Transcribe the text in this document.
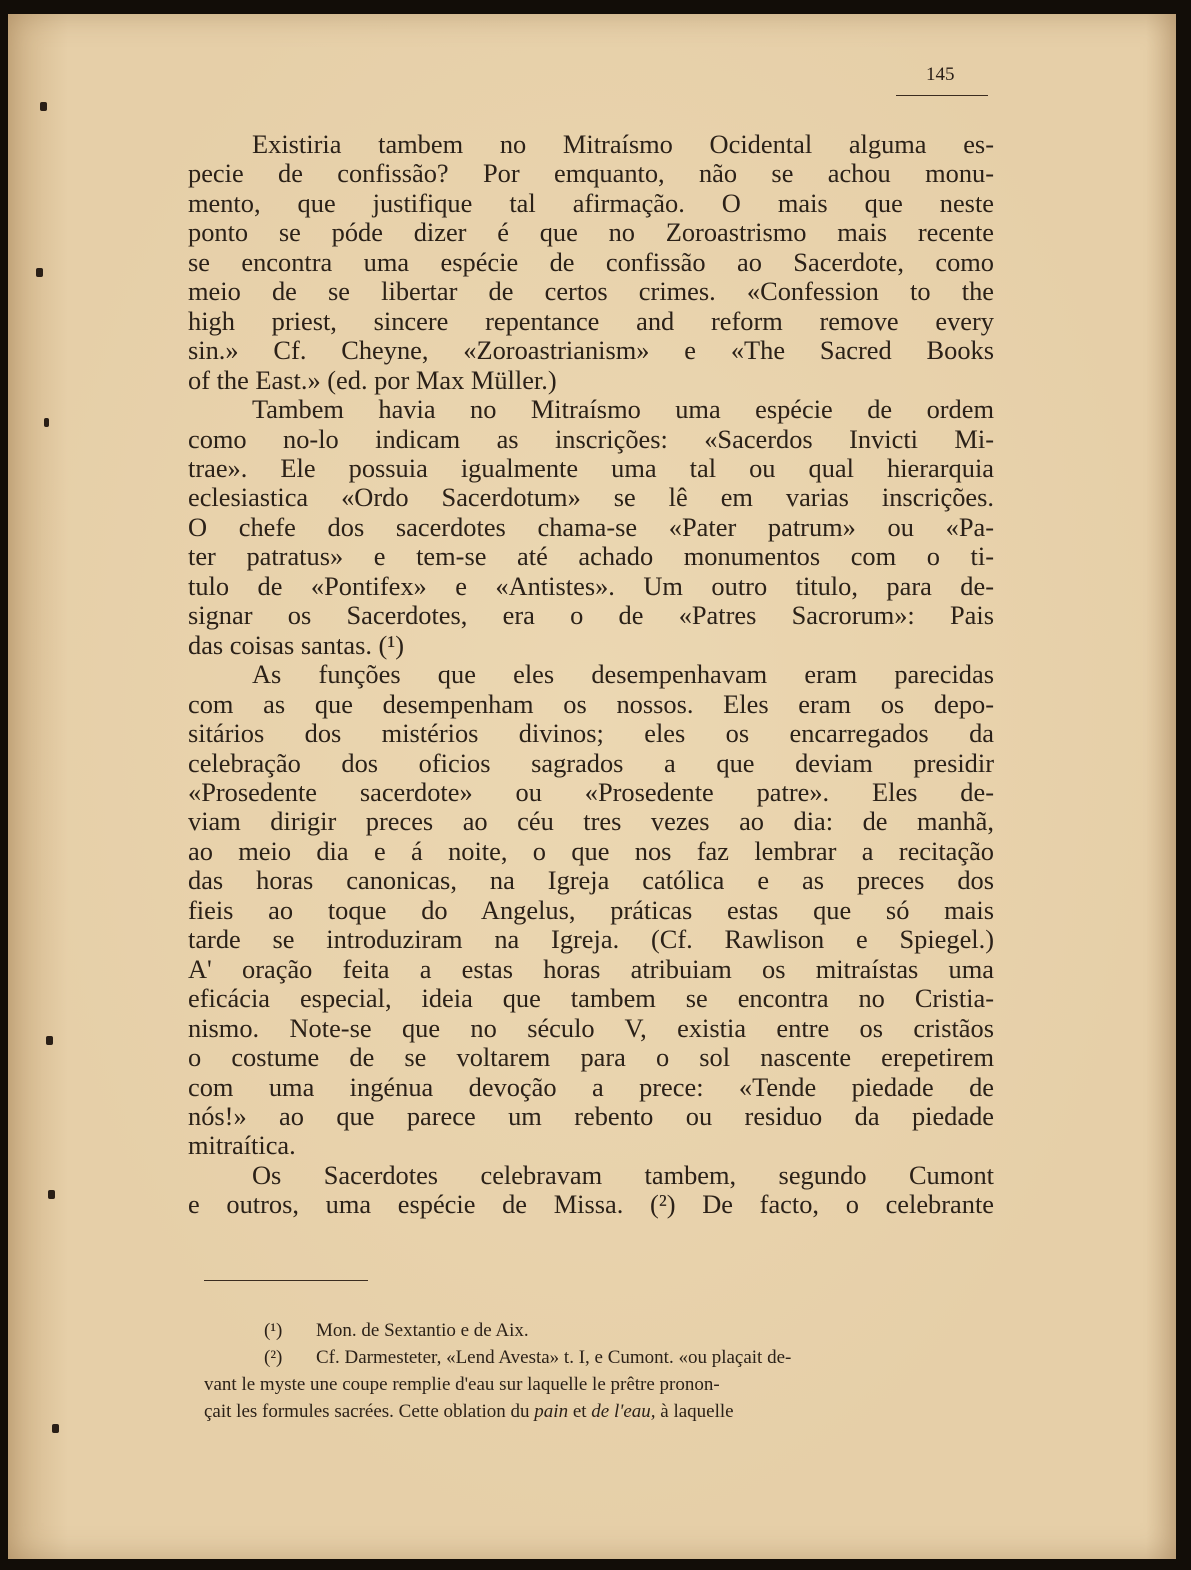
145
Existiria tambem no Mitraísmo Ocidental alguma es-
pecie de confissão? Por emquanto, não se achou monu-
mento, que justifique tal afirmação. O mais que neste
ponto se póde dizer é que no Zoroastrismo mais recente
se encontra uma espécie de confissão ao Sacerdote, como
meio de se libertar de certos crimes. «Confession to the
high priest, sincere repentance and reform remove every
sin.» Cf. Cheyne, «Zoroastrianism» e «The Sacred Books
of the East.» (ed. por Max Müller.)
Tambem havia no Mitraísmo uma espécie de ordem
como no-lo indicam as inscrições: «Sacerdos Invicti Mi-
trae». Ele possuia igualmente uma tal ou qual hierarquia
eclesiastica «Ordo Sacerdotum» se lê em varias inscrições.
O chefe dos sacerdotes chama-se «Pater patrum» ou «Pa-
ter patratus» e tem-se até achado monumentos com o ti-
tulo de «Pontifex» e «Antistes». Um outro titulo, para de-
signar os Sacerdotes, era o de «Patres Sacrorum»: Pais
das coisas santas. (¹)
As funções que eles desempenhavam eram parecidas
com as que desempenham os nossos. Eles eram os depo-
sitários dos mistérios divinos; eles os encarregados da
celebração dos oficios sagrados a que deviam presidir
«Prosedente sacerdote» ou «Prosedente patre». Eles de-
viam dirigir preces ao céu tres vezes ao dia: de manhã,
ao meio dia e á noite, o que nos faz lembrar a recitação
das horas canonicas, na Igreja católica e as preces dos
fieis ao toque do Angelus, práticas estas que só mais
tarde se introduziram na Igreja. (Cf. Rawlison e Spiegel.)
A' oração feita a estas horas atribuiam os mitraístas uma
eficácia especial, ideia que tambem se encontra no Cristia-
nismo. Note-se que no século V, existia entre os cristãos
o costume de se voltarem para o sol nascente erepetirem
com uma ingénua devoção a prece: «Tende piedade de
nós!» ao que parece um rebento ou residuo da piedade
mitraítica.
Os Sacerdotes celebravam tambem, segundo Cumont
e outros, uma espécie de Missa. (²) De facto, o celebrante
(¹) Mon. de Sextantio e de Aix.
(²) Cf. Darmesteter, «Lend Avesta» t. I, e Cumont. «ou plaçait de-
vant le myste une coupe remplie d'eau sur laquelle le prêtre pronon-
çait les formules sacrées. Cette oblation du pain et de l'eau, à laquelle
